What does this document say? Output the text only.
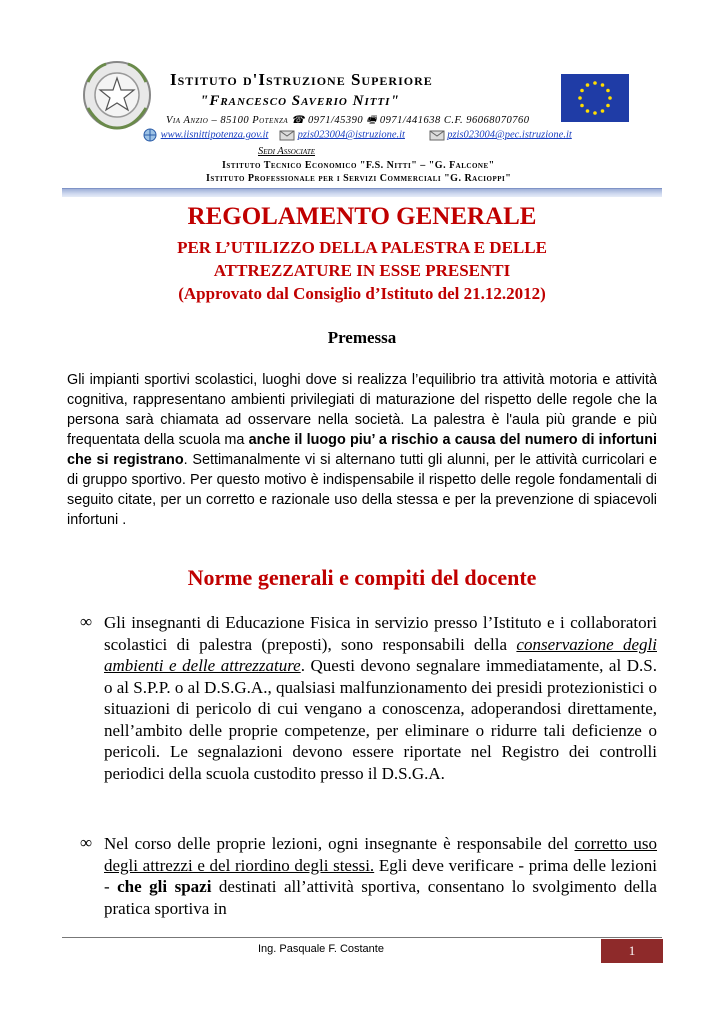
Istituto d'Istruzione Superiore
"Francesco Saverio Nitti"
Via Anzio – 85100 Potenza ☎ 0971/45390 🖷 0971/441638 C.F. 96068070760
www.iisnittipotenza.gov.it	pzis023004@istruzione.it	pzis023004@pec.istruzione.it
Sedi Associate
Istituto Tecnico Economico "F.S. Nitti" – "G. Falcone"
Istituto Professionale per i Servizi Commerciali "G. Racioppi"
REGOLAMENTO GENERALE
PER L’UTILIZZO DELLA PALESTRA E DELLE
ATTREZZATURE IN ESSE PRESENTI
(Approvato dal Consiglio d’Istituto del 21.12.2012)
Premessa
Gli impianti sportivi scolastici, luoghi dove si realizza l’equilibrio tra attività motoria e attività cognitiva, rappresentano ambienti privilegiati di maturazione del rispetto delle regole che la persona sarà chiamata ad osservare nella società. La palestra è l'aula più grande e più frequentata della scuola ma anche il luogo piu’ a rischio a causa del numero di infortuni che si registrano. Settimanalmente vi si alternano tutti gli alunni, per le attività curricolari e di gruppo sportivo. Per questo motivo è indispensabile il rispetto delle regole fondamentali di seguito citate, per un corretto e razionale uso della stessa e per la prevenzione di spiacevoli infortuni .
Norme generali e compiti del docente
∞ Gli insegnanti di Educazione Fisica in servizio presso l’Istituto e i collaboratori scolastici di palestra (preposti), sono responsabili della conservazione degli ambienti e delle attrezzature. Questi devono segnalare immediatamente, al D.S. o al S.P.P. o al D.S.G.A., qualsiasi malfunzionamento dei presidi protezionistici o situazioni di pericolo di cui vengano a conoscenza, adoperandosi direttamente, nell’ambito delle proprie competenze, per eliminare o ridurre tali deficienze o pericoli. Le segnalazioni devono essere riportate nel Registro dei controlli periodici della scuola custodito presso il D.S.G.A.
∞ Nel corso delle proprie lezioni, ogni insegnante è responsabile del corretto uso degli attrezzi e del riordino degli stessi. Egli deve verificare - prima delle lezioni - che gli spazi destinati all’attività sportiva, consentano lo svolgimento della pratica sportiva in
Ing. Pasquale F. Costante	1
